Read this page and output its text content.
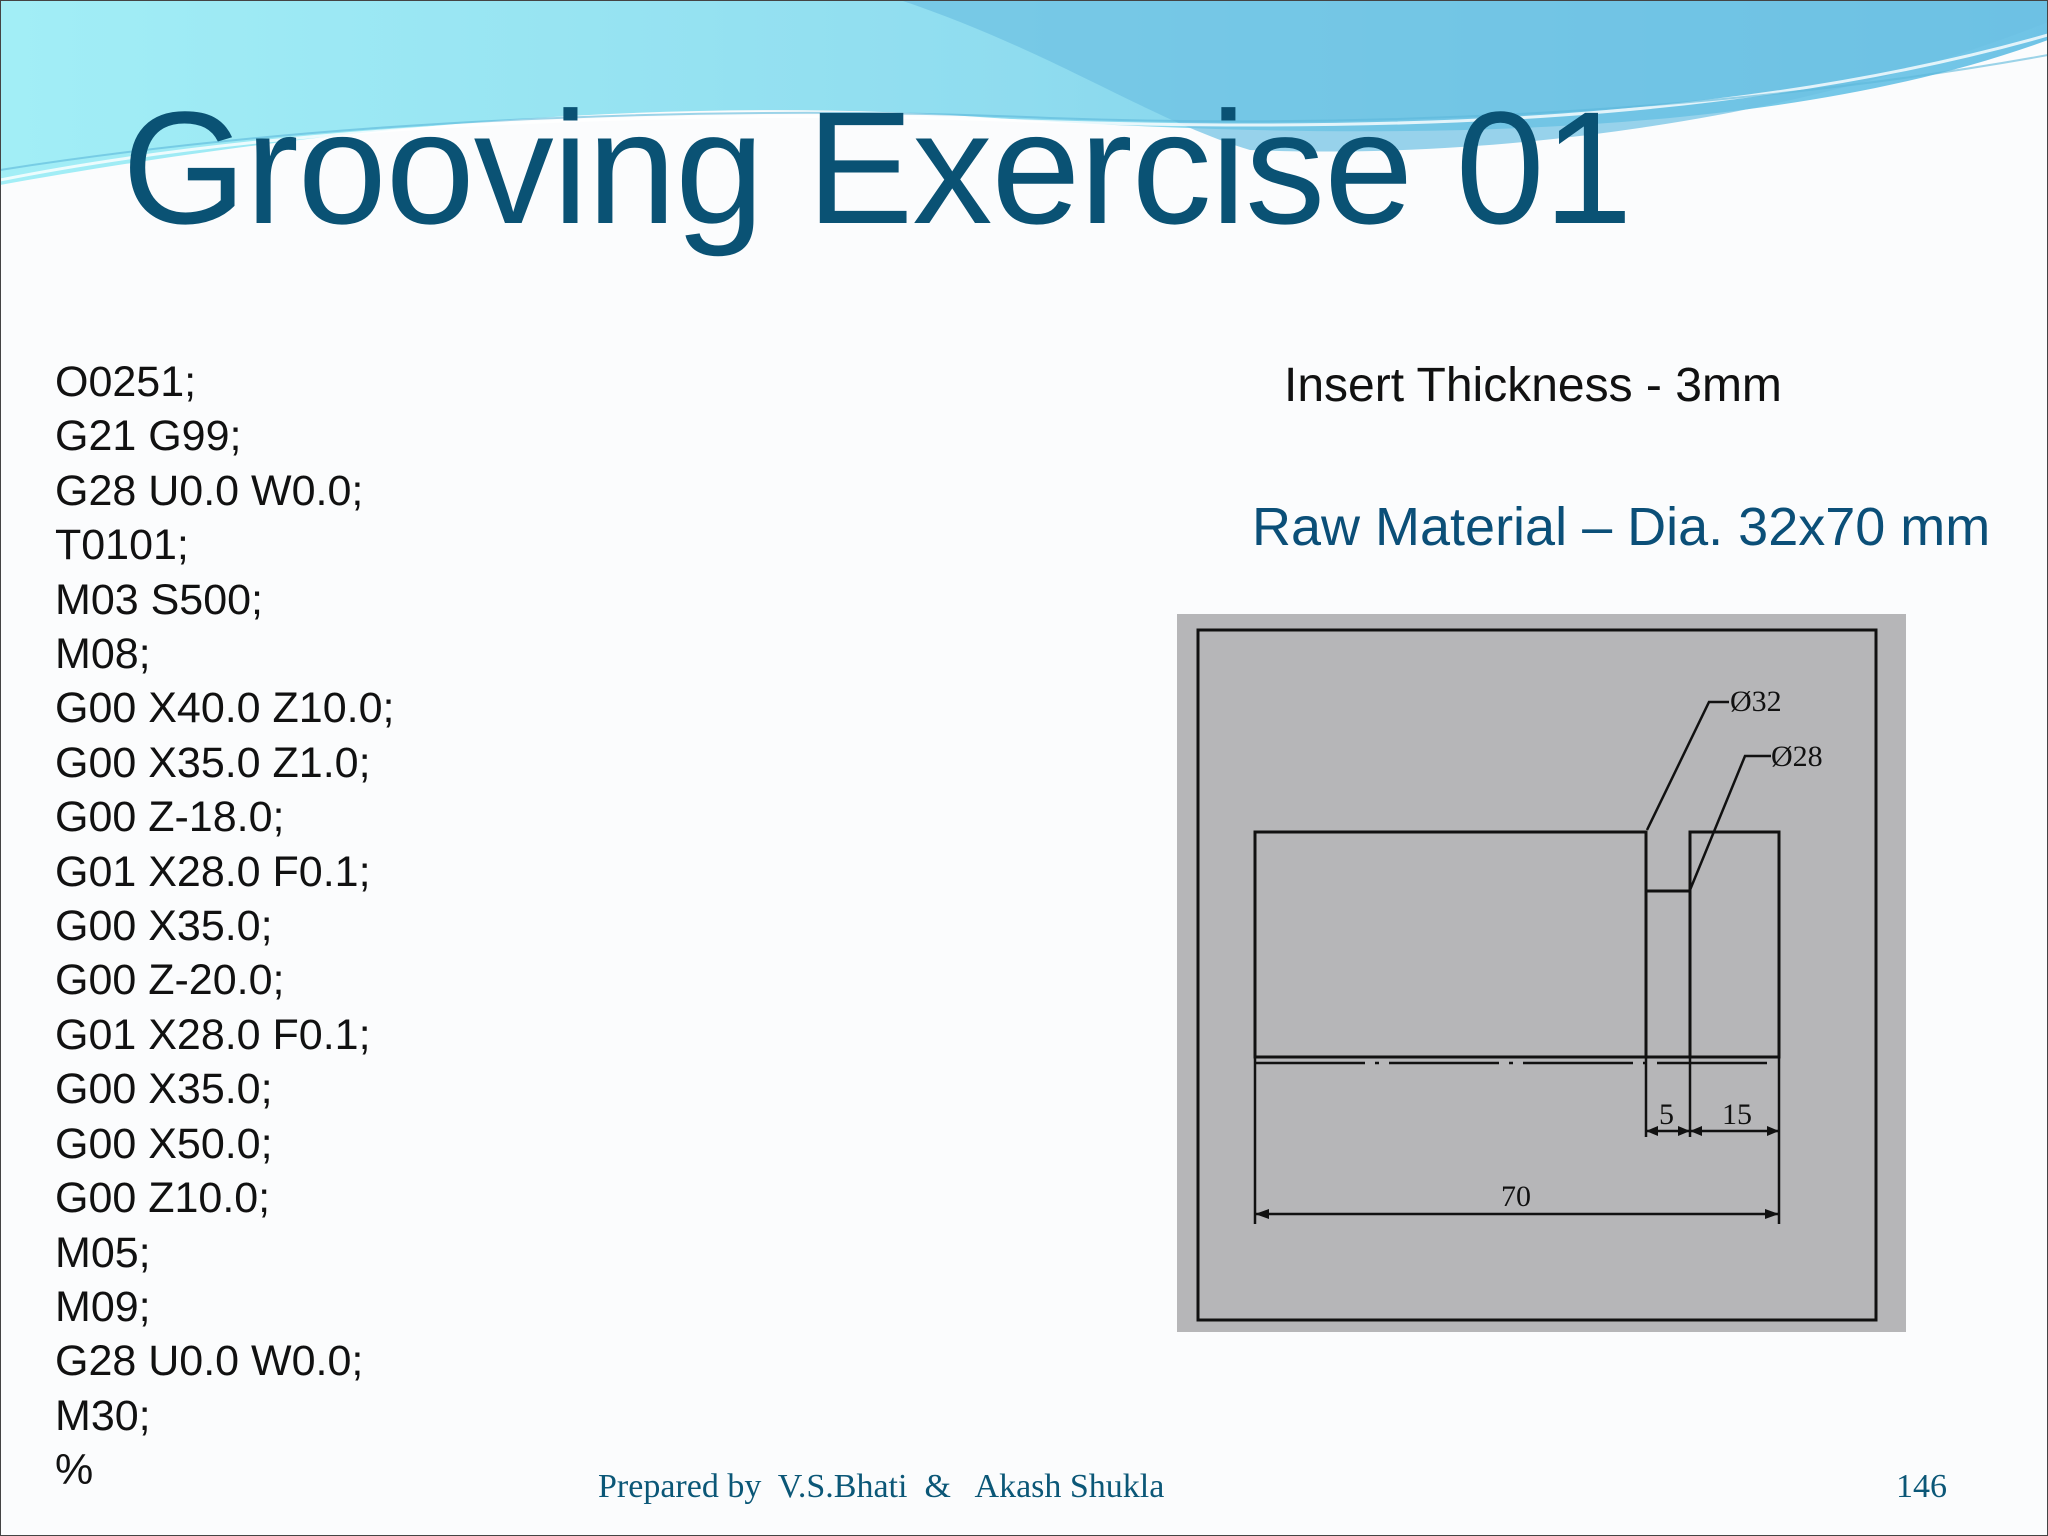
Grooving Exercise 01
O0251;
G21 G99;
G28 U0.0 W0.0;
T0101;
M03 S500;
M08;
G00 X40.0 Z10.0;
G00 X35.0 Z1.0;
G00 Z-18.0;
G01 X28.0 F0.1;
G00 X35.0;
G00 Z-20.0;
G01 X28.0 F0.1;
G00 X35.0;
G00 X50.0;
G00 Z10.0;
M05;
M09;
G28 U0.0 W0.0;
M30;
%
Insert Thickness - 3mm
Raw Material – Dia. 32x70 mm
Ø32
Ø28
5 15
70
Prepared by  V.S.Bhati  &   Akash Shukla	146
